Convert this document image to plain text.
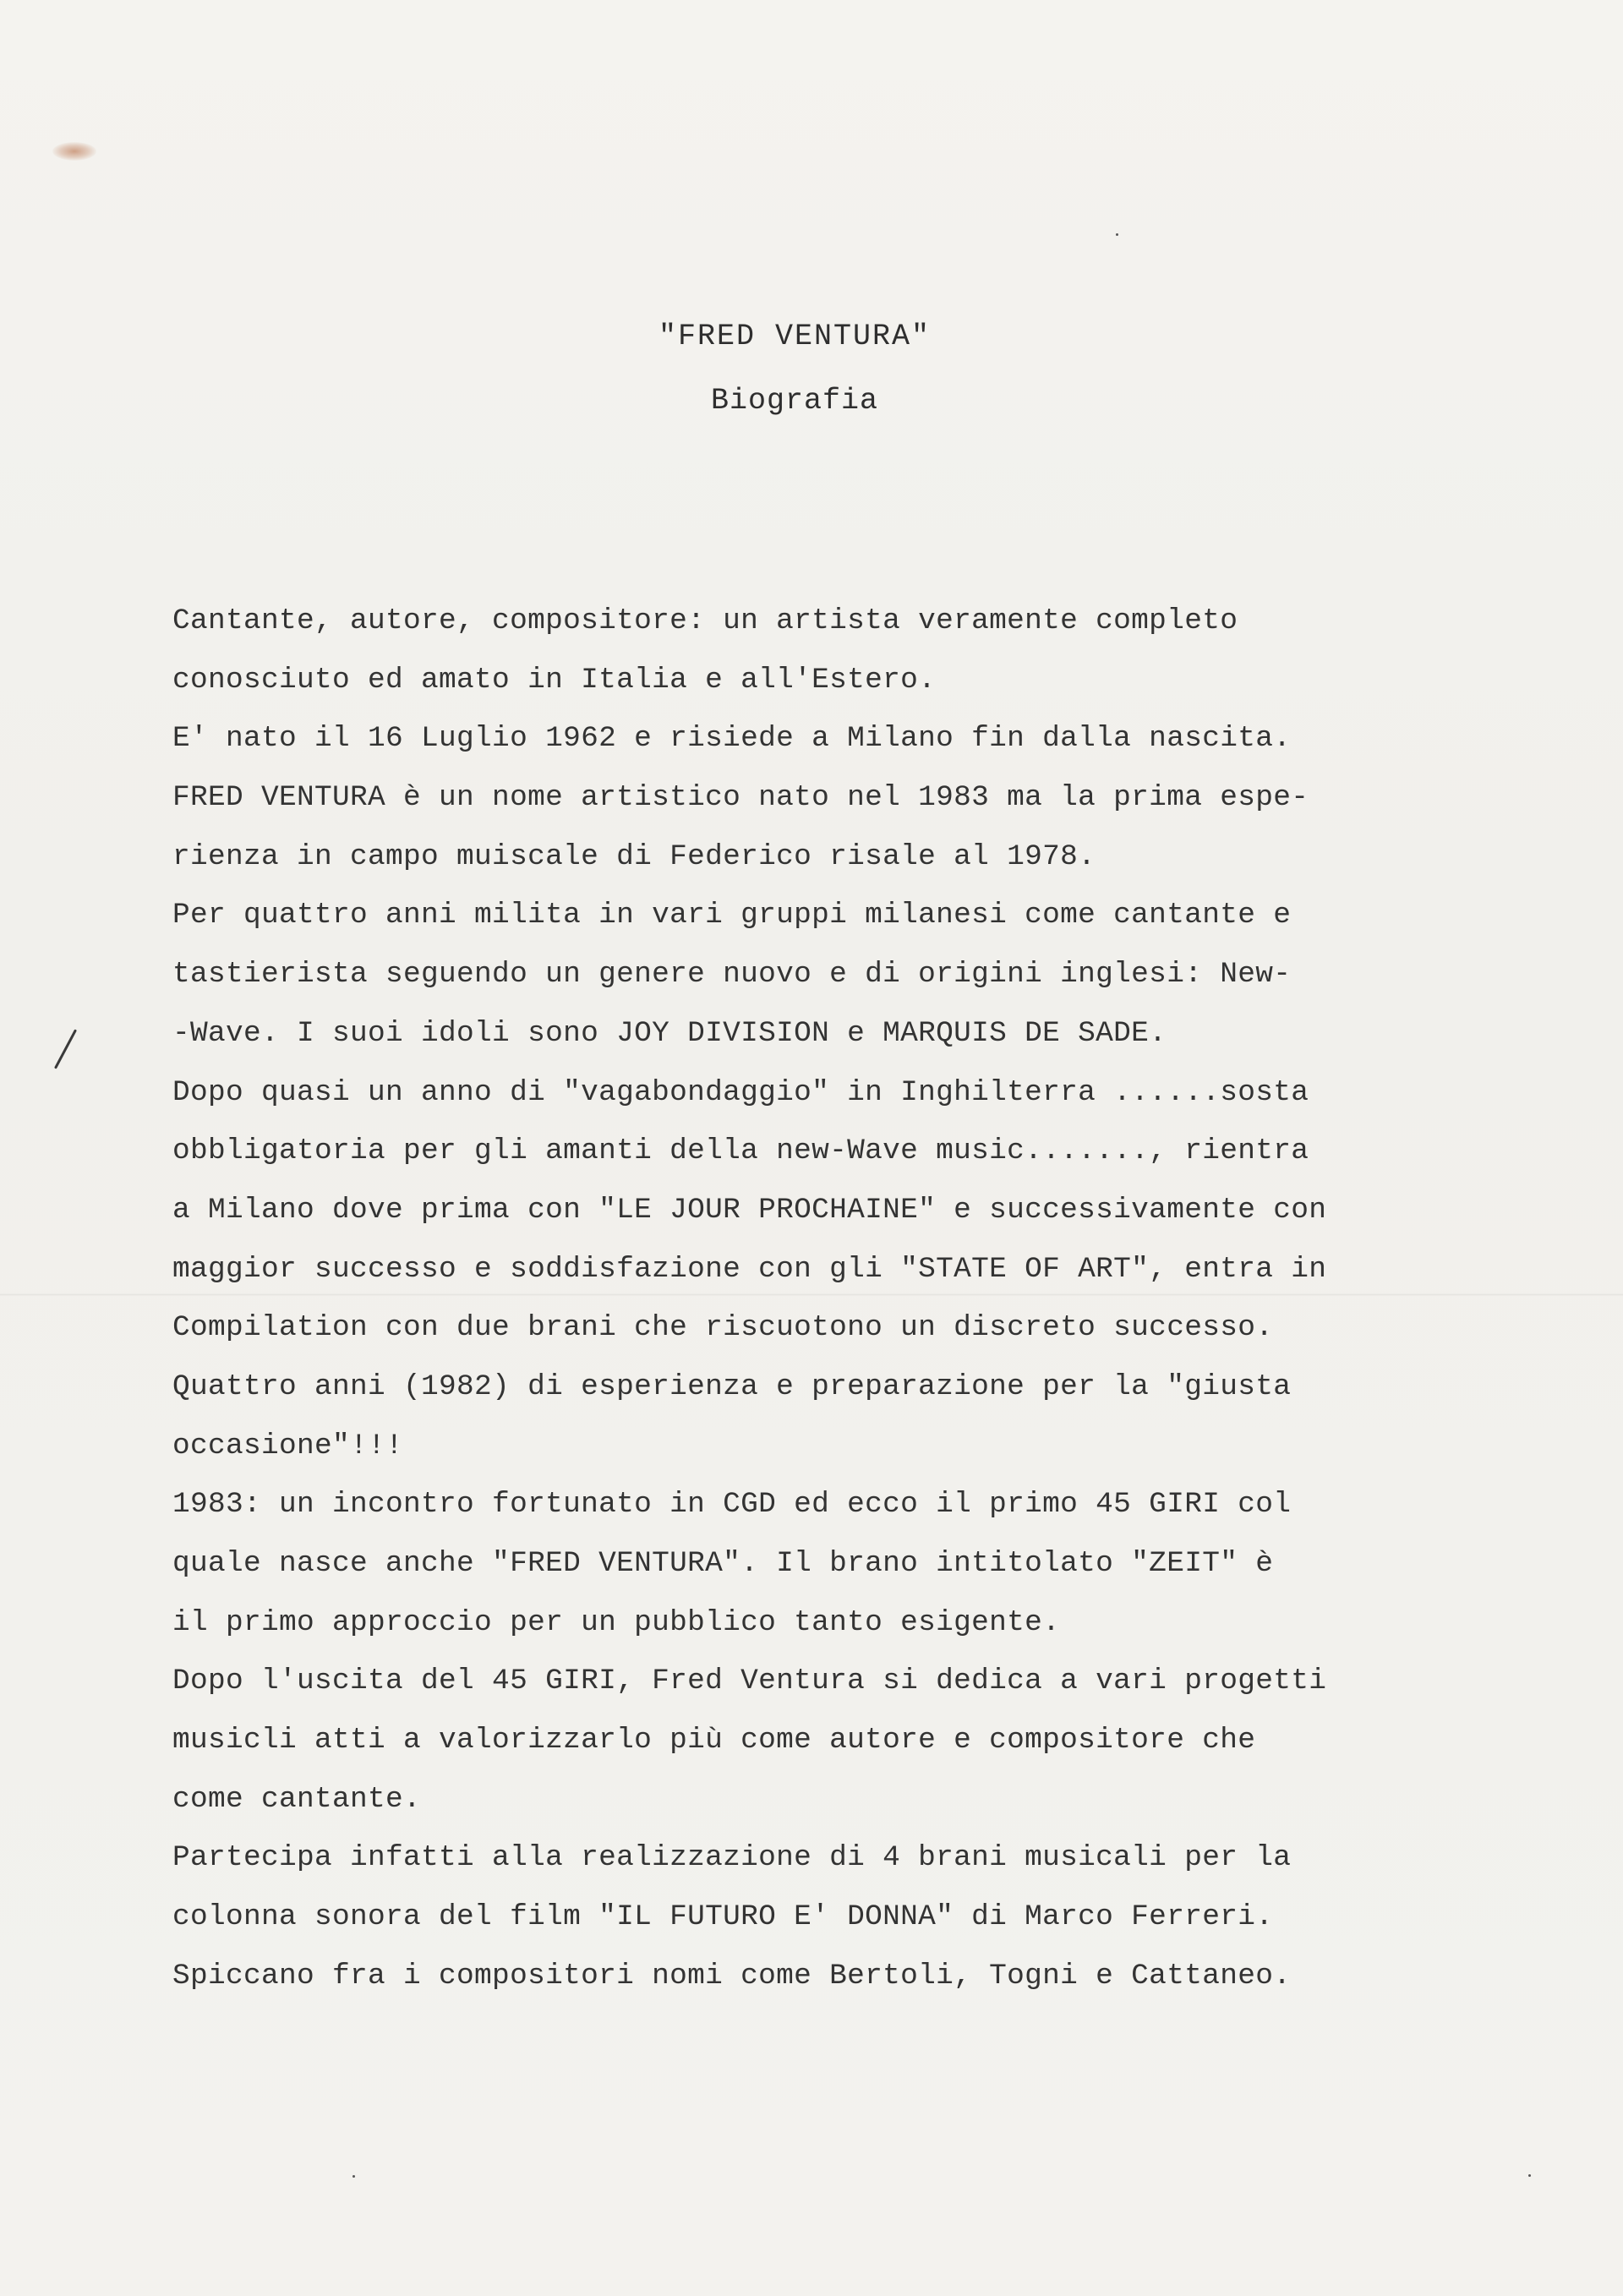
"FRED VENTURA"
Biografia
Cantante, autore, compositore: un artista veramente completo
conosciuto ed amato in Italia e all'Estero.
E' nato il 16 Luglio 1962 e risiede a Milano fin dalla nascita.
FRED VENTURA è un nome artistico nato nel 1983 ma la prima espe-
rienza in campo muiscale di Federico risale al 1978.
Per quattro anni milita in vari gruppi milanesi come cantante e
tastierista seguendo un genere nuovo e di origini inglesi: New-
-Wave. I suoi idoli sono JOY DIVISION e MARQUIS DE SADE.
Dopo quasi un anno di "vagabondaggio" in Inghilterra ......sosta
obbligatoria per gli amanti della new-Wave music......., rientra
a Milano dove prima con "LE JOUR PROCHAINE" e successivamente con
maggior successo e soddisfazione con gli "STATE OF ART", entra in
Compilation con due brani che riscuotono un discreto successo.
Quattro anni (1982) di esperienza e preparazione per la "giusta
occasione"!!!
1983: un incontro fortunato in CGD ed ecco il primo 45 GIRI col
quale nasce anche "FRED VENTURA". Il brano intitolato "ZEIT" è
il primo approccio per un pubblico tanto esigente.
Dopo l'uscita del 45 GIRI, Fred Ventura si dedica a vari progetti
musicli atti a valorizzarlo più come autore e compositore che
come cantante.
Partecipa infatti alla realizzazione di 4 brani musicali per la
colonna sonora del film "IL FUTURO E' DONNA" di Marco Ferreri.
Spiccano fra i compositori nomi come Bertoli, Togni e Cattaneo.
